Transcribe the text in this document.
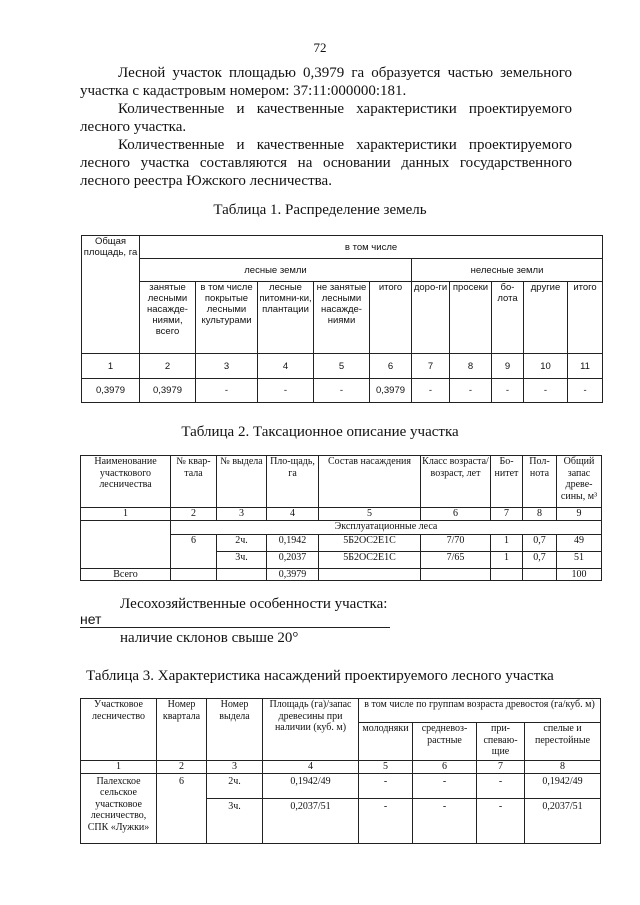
72
Лесной участок площадью 0,3979 га образуется частью земельного участка с кадастровым номером: 37:11:000000:181.
Количественные и качественные характеристики проектируемого лесного участка.
Количественные и качественные характеристики проектируемого лесного участка составляются на основании данных государственного лесного реестра Южского лесничества.
Таблица 1. Распределение земель
Общая площадь, га	в том числе									
	лесные земли					нелесные земли				
	занятые лесными насажде-ниями, всего	в том числе покрытые лесными культурами	лесные питомни-ки, плантации	не занятые лесными насажде-ниями	итого	доро-ги	просеки	бо-лота	другие	итого
1	2	3	4	5	6	7	8	9	10	11
0,3979	0,3979	-	-	-	0,3979	-	-	-	-	-
Таблица 2. Таксационное описание участка
Наименование участкового лесничества	№ квар-тала	№ выдела	Пло-щадь, га	Состав насаждения	Класс возраста/ возраст, лет	Бо-нитет	Пол-нота	Общий запас древе-сины, м³
1	2	3	4	5	6	7	8	9
	Эксплуатационные леса							
	6	2ч.	0,1942	5Б2ОС2Е1С	7/70	1	0,7	49
		3ч.	0,2037	5Б2ОС2Е1С	7/65	1	0,7	51
Всего			0,3979					100
Лесохозяйственные особенности участка:
нет
наличие склонов свыше 20°
Таблица 3. Характеристика насаждений проектируемого лесного участка
Участковое лесничество	Номер квартала	Номер выдела	Площадь (га)/запас древесины при наличии (куб. м)	в том числе по группам возраста древостоя (га/куб. м)			
				молодняки	средневоз-растные	при-спеваю-щие	спелые и перестойные
1	2	3	4	5	6	7	8
Палехское сельское участковое лесничество, СПК «Лужки»	6	2ч.	0,1942/49	-	-	-	0,1942/49
		3ч.	0,2037/51	-	-	-	0,2037/51
